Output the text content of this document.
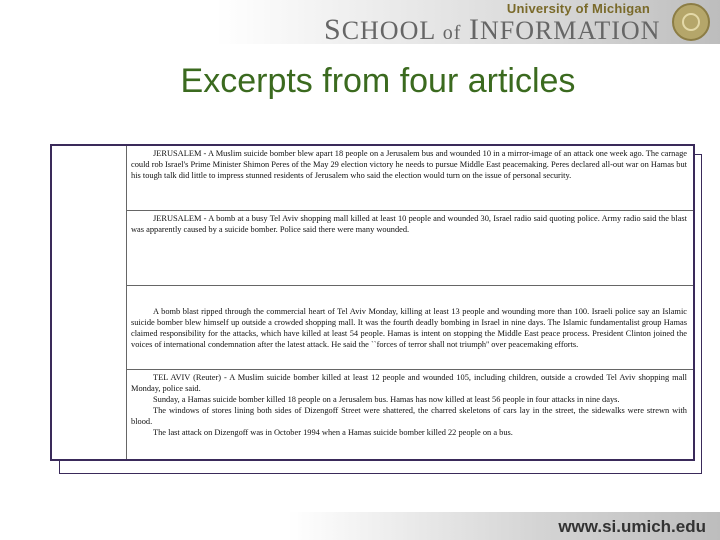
University of Michigan
SCHOOL of INFORMATION
Excerpts from four articles

JERUSALEM - A Muslim suicide bomber blew apart 18 people on a Jerusalem bus and wounded 10 in a mirror-image of an attack one week ago. The carnage could rob Israel's Prime Minister Shimon Peres of the May 29 election victory he needs to pursue Middle East peacemaking. Peres declared all-out war on Hamas but his tough talk did little to impress stunned residents of Jerusalem who said the election would turn on the issue of personal security.

JERUSALEM - A bomb at a busy Tel Aviv shopping mall killed at least 10 people and wounded 30, Israel radio said quoting police. Army radio said the blast was apparently caused by a suicide bomber. Police said there were many wounded.

A bomb blast ripped through the commercial heart of Tel Aviv Monday, killing at least 13 people and wounding more than 100. Israeli police say an Islamic suicide bomber blew himself up outside a crowded shopping mall. It was the fourth deadly bombing in Israel in nine days. The Islamic fundamentalist group Hamas claimed responsibility for the attacks, which have killed at least 54 people. Hamas is intent on stopping the Middle East peace process. President Clinton joined the voices of international condemnation after the latest attack. He said the ``forces of terror shall not triumph'' over peacemaking efforts.

TEL AVIV (Reuter) - A Muslim suicide bomber killed at least 12 people and wounded 105, including children, outside a crowded Tel Aviv shopping mall Monday, police said.

Sunday, a Hamas suicide bomber killed 18 people on a Jerusalem bus. Hamas has now killed at least 56 people in four attacks in nine days.

The windows of stores lining both sides of Dizengoff Street were shattered, the charred skeletons of cars lay in the street, the sidewalks were strewn with blood.

The last attack on Dizengoff was in October 1994 when a Hamas suicide bomber killed 22 people on a bus.

www.si.umich.edu
